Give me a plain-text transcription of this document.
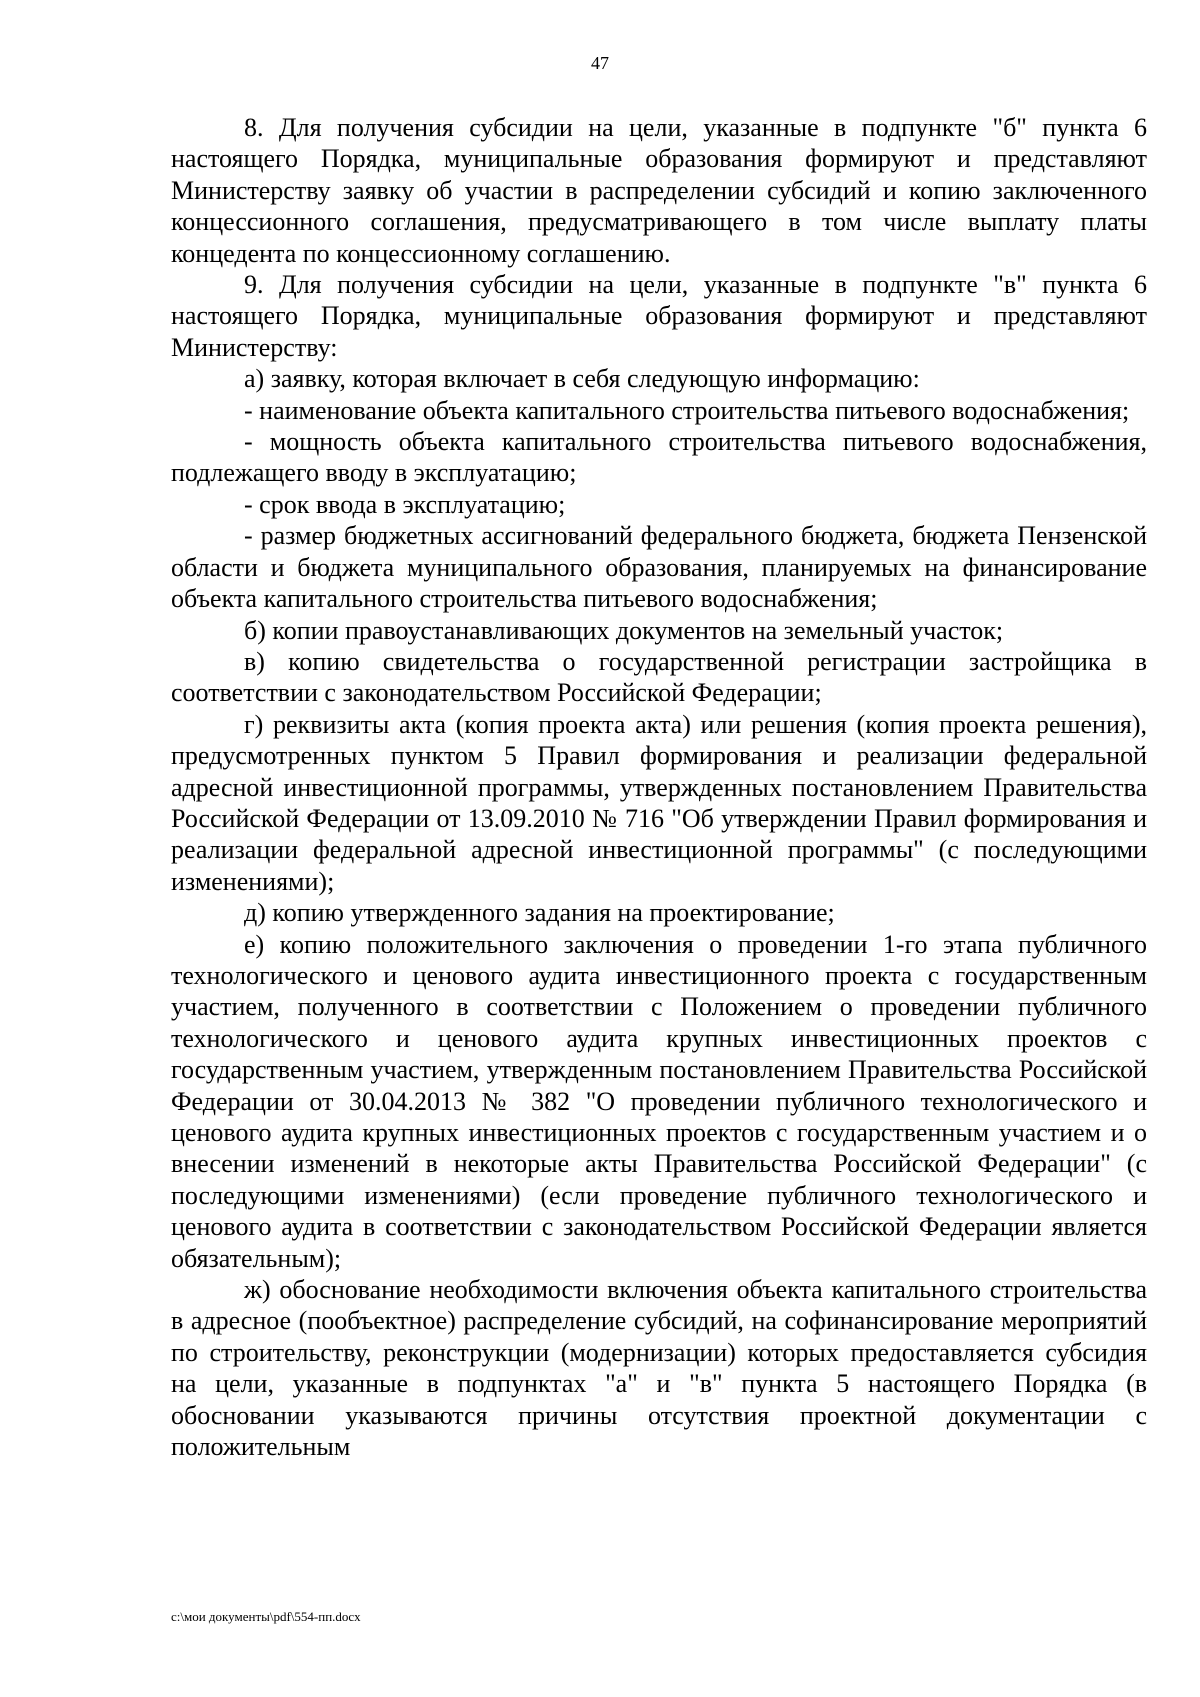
47

8. Для получения субсидии на цели, указанные в подпункте "б" пункта 6 настоящего Порядка, муниципальные образования формируют и представляют Министерству заявку об участии в распределении субсидий и копию заключенного концессионного соглашения, предусматривающего в том числе выплату платы концедента по концессионному соглашению.

9. Для получения субсидии на цели, указанные в подпункте "в" пункта 6 настоящего Порядка, муниципальные образования формируют и представляют Министерству:

а) заявку, которая включает в себя следующую информацию:

- наименование объекта капитального строительства питьевого водоснабжения;

- мощность объекта капитального строительства питьевого водоснабжения, подлежащего вводу в эксплуатацию;

- срок ввода в эксплуатацию;

- размер бюджетных ассигнований федерального бюджета, бюджета Пензенской области и бюджета муниципального образования, планируемых на финансирование объекта капитального строительства питьевого водоснабжения;

б) копии правоустанавливающих документов на земельный участок;

в) копию свидетельства о государственной регистрации застройщика в соответствии с законодательством Российской Федерации;

г) реквизиты акта (копия проекта акта) или решения (копия проекта решения), предусмотренных пунктом 5 Правил формирования и реализации федеральной адресной инвестиционной программы, утвержденных постановлением Правительства Российской Федерации от 13.09.2010 № 716 "Об утверждении Правил формирования и реализации федеральной адресной инвестиционной программы" (с последующими изменениями);

д) копию утвержденного задания на проектирование;

е) копию положительного заключения о проведении 1-го этапа публичного технологического и ценового аудита инвестиционного проекта с государственным участием, полученного в соответствии с Положением о проведении публичного технологического и ценового аудита крупных инвестиционных проектов с государственным участием, утвержденным постановлением Правительства Российской Федерации от 30.04.2013 № 382 "О проведении публичного технологического и ценового аудита крупных инвестиционных проектов с государственным участием и о внесении изменений в некоторые акты Правительства Российской Федерации" (с последующими изменениями) (если проведение публичного технологического и ценового аудита в соответствии с законодательством Российской Федерации является обязательным);

ж) обоснование необходимости включения объекта капитального строительства в адресное (пообъектное) распределение субсидий, на софинансирование мероприятий по строительству, реконструкции (модернизации) которых предоставляется субсидия на цели, указанные в подпунктах "а" и "в" пункта 5 настоящего Порядка (в обосновании указываются причины отсутствия проектной документации с положительным

с:\мои документы\pdf\554-пп.docx
